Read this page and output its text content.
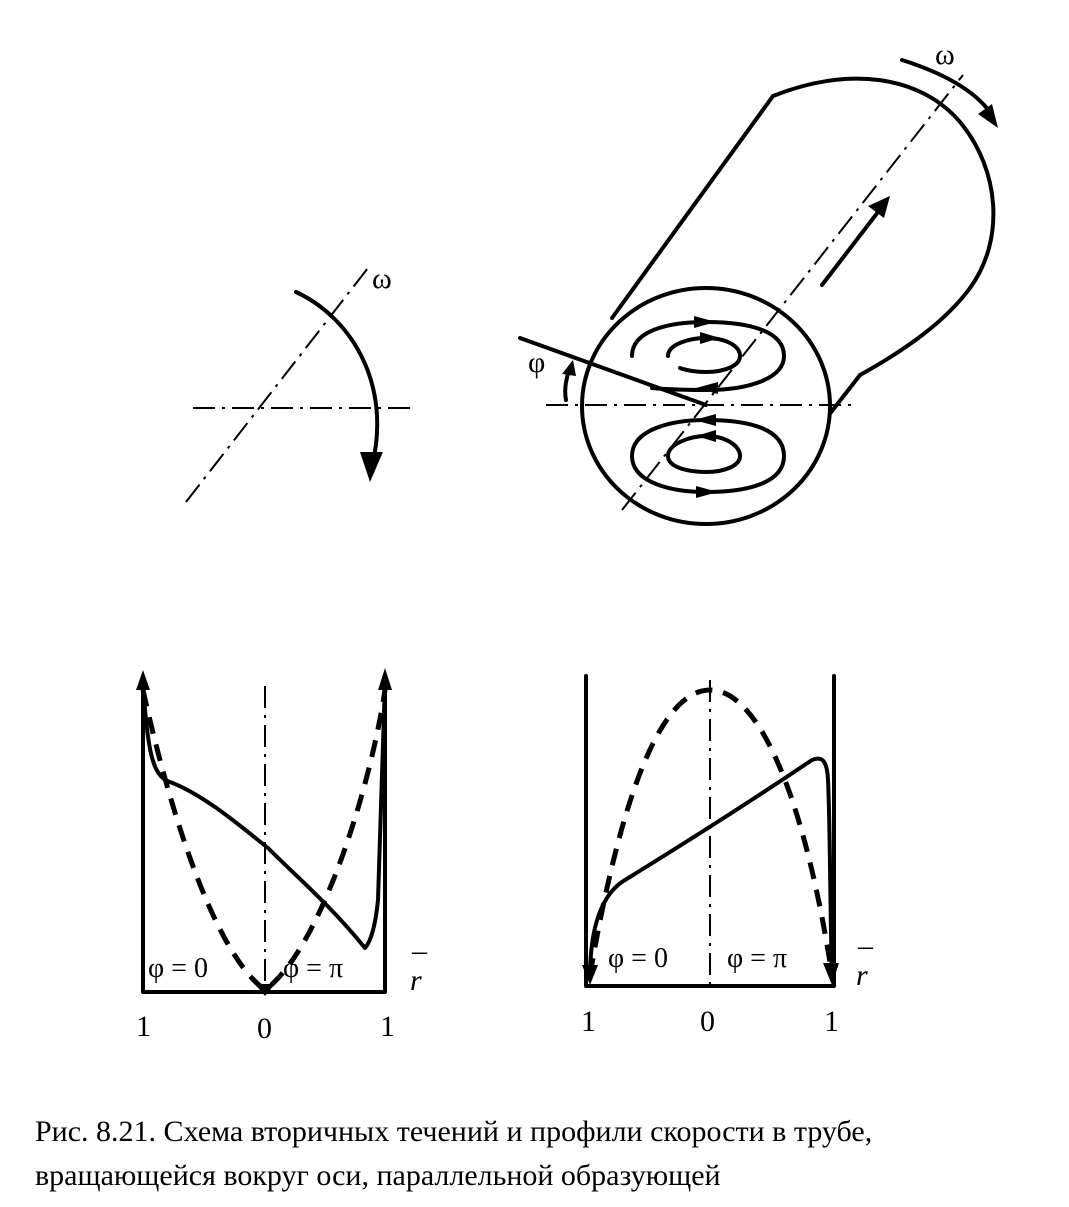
ω
ω
φ
φ = 0	φ = π
–
r
1	0	1
φ = 0 φ = π –
r
1	0	1
Рис. 8.21. Схема вторичных течений и профили скорости в трубе,
вращающейся вокруг оси, параллельной образующей
